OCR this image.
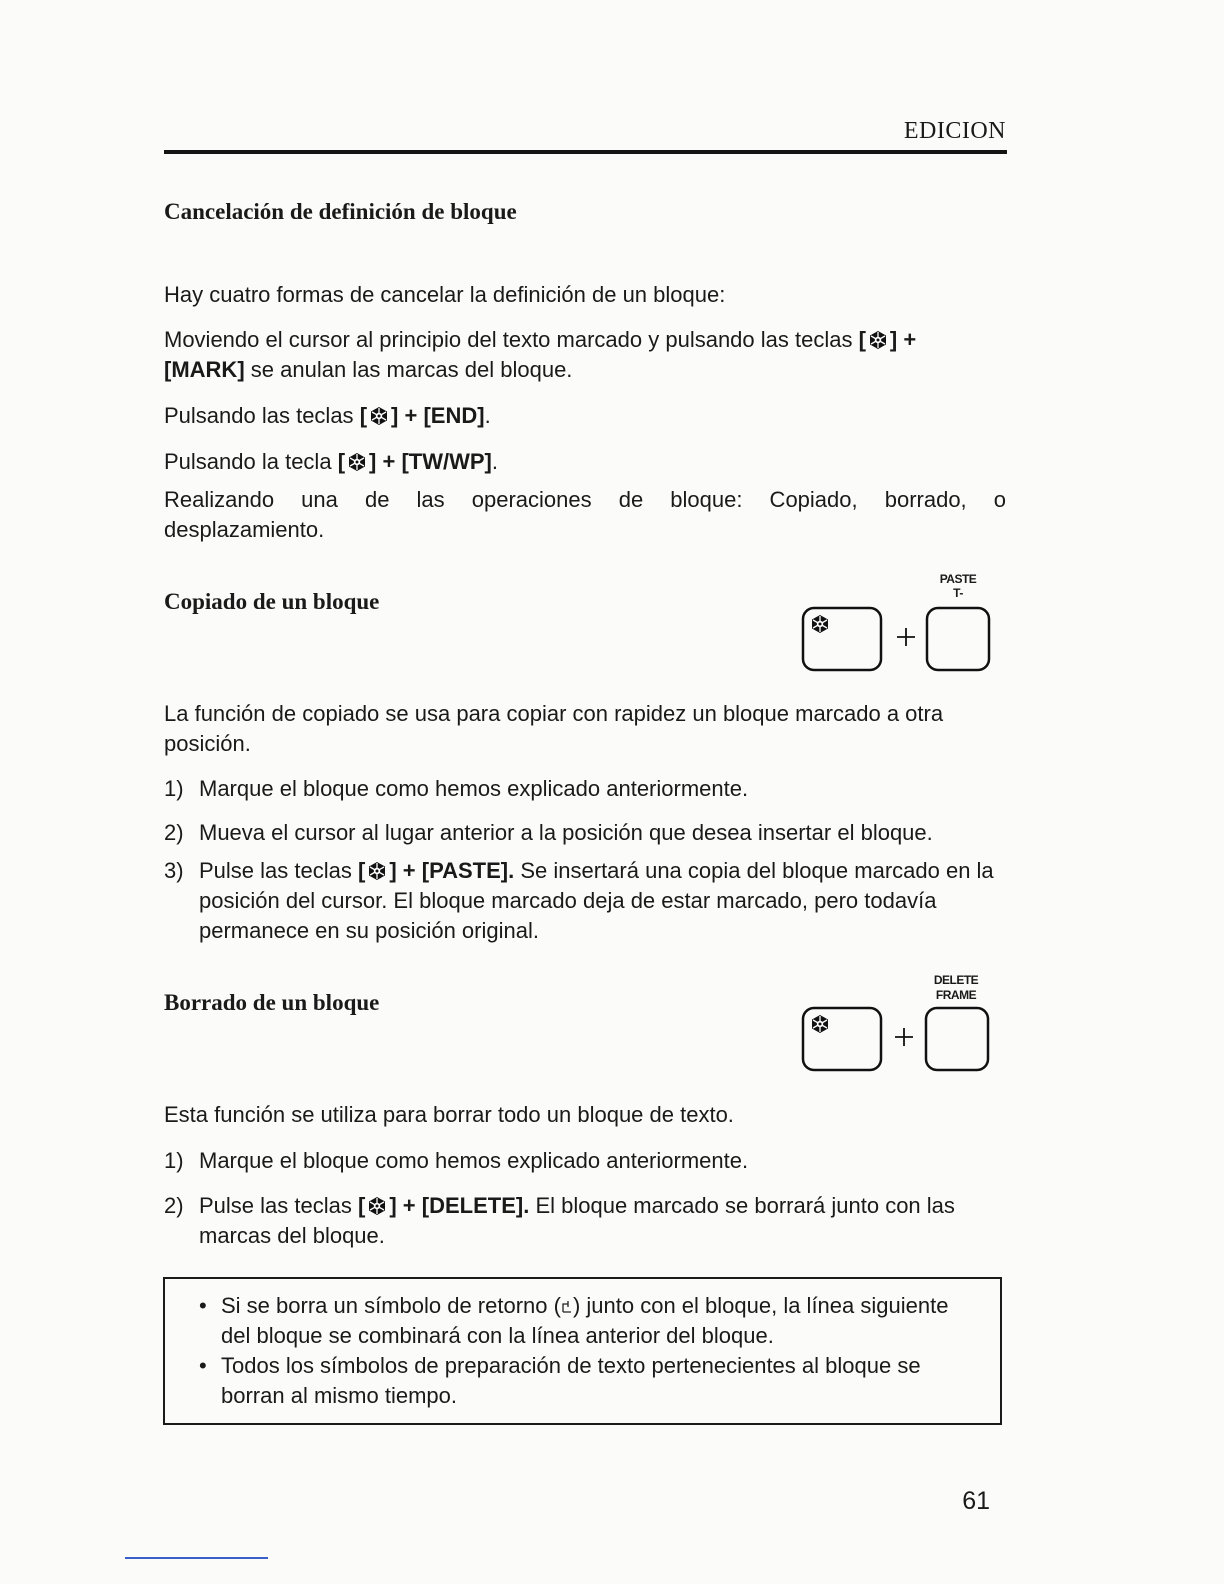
EDICION
Cancelación de definición de bloque
Hay cuatro formas de cancelar la definición de un bloque:
Moviendo el cursor al principio del texto marcado y pulsando las teclas [ ] +
[MARK] se anulan las marcas del bloque.
Pulsando las teclas [ ] + [END].
Pulsando la tecla [ ] + [TW/WP].
Realizando una de las operaciones de bloque: Copiado, borrado, o
desplazamiento.
Copiado de un bloque
PASTE
T-
La función de copiado se usa para copiar con rapidez un bloque marcado a otra posición.
1) Marque el bloque como hemos explicado anteriormente.
2) Mueva el cursor al lugar anterior a la posición que desea insertar el bloque.
3) Pulse las teclas [ ] + [PASTE]. Se insertará una copia del bloque marcado en la posición del cursor. El bloque marcado deja de estar marcado, pero todavía permanece en su posición original.
Borrado de un bloque
DELETE
FRAME
Esta función se utiliza para borrar todo un bloque de texto.
1) Marque el bloque como hemos explicado anteriormente.
2) Pulse las teclas [ ] + [DELETE]. El bloque marcado se borrará junto con las marcas del bloque.
• Si se borra un símbolo de retorno ( ) junto con el bloque, la línea siguiente del bloque se combinará con la línea anterior del bloque.
• Todos los símbolos de preparación de texto pertenecientes al bloque se borran al mismo tiempo.
61
